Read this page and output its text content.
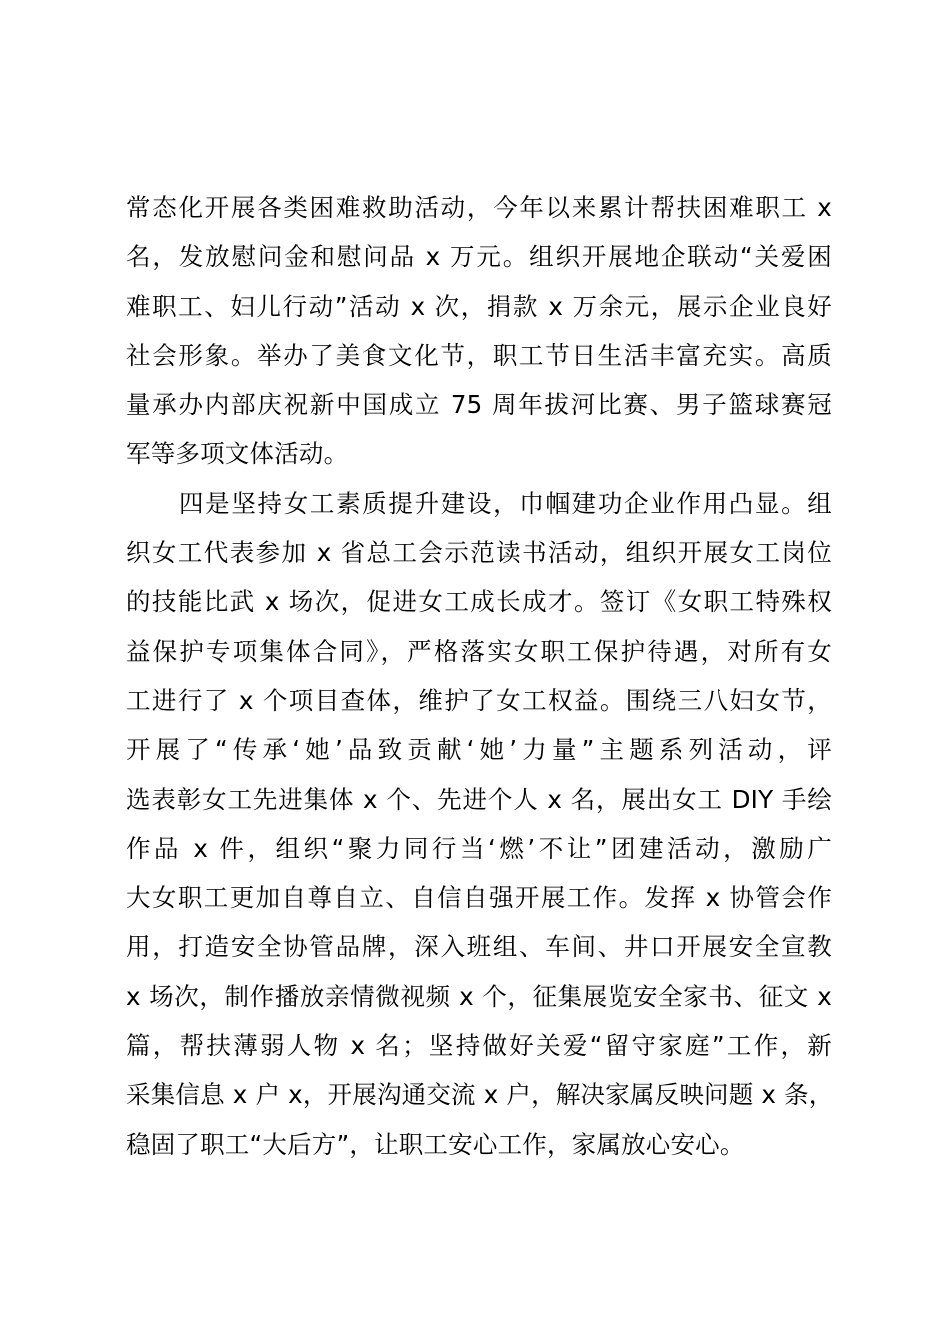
常态化开展各类困难救助活动，今年以来累计帮扶困难职工 x
名，发放慰问金和慰问品 x 万元。组织开展地企联动“关爱困
难职工、妇儿行动”活动 x 次，捐款 x 万余元，展示企业良好
社会形象。举办了美食文化节，职工节日生活丰富充实。高质
量承办内部庆祝新中国成立 75 周年拔河比赛、男子篮球赛冠
军等多项文体活动。
四是坚持女工素质提升建设，巾帼建功企业作用凸显。组
织女工代表参加 x 省总工会示范读书活动，组织开展女工岗位
的技能比武 x 场次，促进女工成长成才。签订《女职工特殊权
益保护专项集体合同》，严格落实女职工保护待遇，对所有女
工进行了 x 个项目查体，维护了女工权益。围绕三八妇女节，
开展了“传承‘她’品致贡献‘她’力量”主题系列活动，评
选表彰女工先进集体 x 个、先进个人 x 名，展出女工 DIY 手绘
作品 x 件，组织“聚力同行当‘燃’不让”团建活动，激励广
大女职工更加自尊自立、自信自强开展工作。发挥 x 协管会作
用，打造安全协管品牌，深入班组、车间、井口开展安全宣教
x 场次，制作播放亲情微视频 x 个，征集展览安全家书、征文 x
篇，帮扶薄弱人物 x 名；坚持做好关爱“留守家庭”工作，新
采集信息 x 户 x，开展沟通交流 x 户，解决家属反映问题 x 条，
稳固了职工“大后方”，让职工安心工作，家属放心安心。
